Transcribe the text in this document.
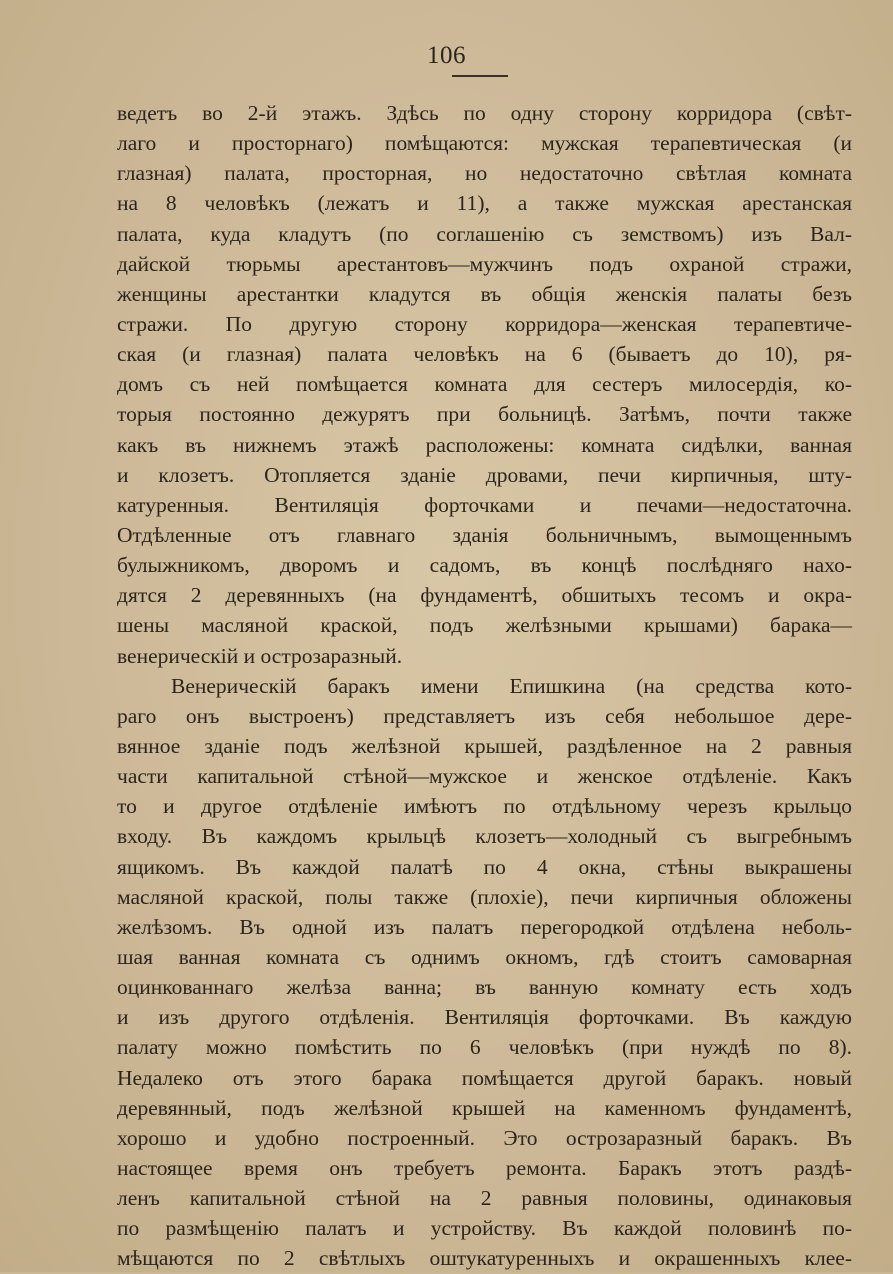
106
ведетъ во 2-й этажъ. Здѣсь по одну сторону корридора (свѣт-
лаго и просторнаго) помѣщаются: мужская терапевтическая (и
глазная) палата, просторная, но недостаточно свѣтлая комната
на 8 человѣкъ (лежатъ и 11), а также мужская арестанская
палата, куда кладутъ (по соглашенію съ земствомъ) изъ Вал-
дайской тюрьмы арестантовъ—мужчинъ подъ охраной стражи,
женщины арестантки кладутся въ общія женскія палаты безъ
стражи. По другую сторону корридора—женская терапевтиче-
ская (и глазная) палата человѣкъ на 6 (бываетъ до 10), ря-
домъ съ ней помѣщается комната для сестеръ милосердія, ко-
торыя постоянно дежурятъ при больницѣ. Затѣмъ, почти также
какъ въ нижнемъ этажѣ расположены: комната сидѣлки, ванная
и клозетъ. Отопляется зданіе дровами, печи кирпичныя, шту-
катуренныя. Вентиляція форточками и печами—недостаточна.
Отдѣленные отъ главнаго зданія больничнымъ, вымощеннымъ
булыжникомъ, дворомъ и садомъ, въ концѣ послѣдняго нахо-
дятся 2 деревянныхъ (на фундаментѣ, обшитыхъ тесомъ и окра-
шены масляной краской, подъ желѣзными крышами) барака—
венерическій и острозаразный.
Венерическій баракъ имени Епишкина (на средства кото-
раго онъ выстроенъ) представляетъ изъ себя небольшое дере-
вянное зданіе подъ желѣзной крышей, раздѣленное на 2 равныя
части капитальной стѣной—мужское и женское отдѣленіе. Какъ
то и другое отдѣленіе имѣютъ по отдѣльному черезъ крыльцо
входу. Въ каждомъ крыльцѣ клозетъ—холодный съ выгребнымъ
ящикомъ. Въ каждой палатѣ по 4 окна, стѣны выкрашены
масляной краской, полы также (плохіе), печи кирпичныя обложены
желѣзомъ. Въ одной изъ палатъ перегородкой отдѣлена неболь-
шая ванная комната съ однимъ окномъ, гдѣ стоитъ самоварная
оцинкованнаго желѣза ванна; въ ванную комнату есть ходъ
и изъ другого отдѣленія. Вентиляція форточками. Въ каждую
палату можно помѣстить по 6 человѣкъ (при нуждѣ по 8).
Недалеко отъ этого барака помѣщается другой баракъ. новый
деревянный, подъ желѣзной крышей на каменномъ фундаментѣ,
хорошо и удобно построенный. Это острозаразный баракъ. Въ
настоящее время онъ требуетъ ремонта. Баракъ этотъ раздѣ-
ленъ капитальной стѣной на 2 равныя половины, одинаковыя
по размѣщенію палатъ и устройству. Въ каждой половинѣ по-
мѣщаются по 2 свѣтлыхъ оштукатуренныхъ и окрашенныхъ клее-
